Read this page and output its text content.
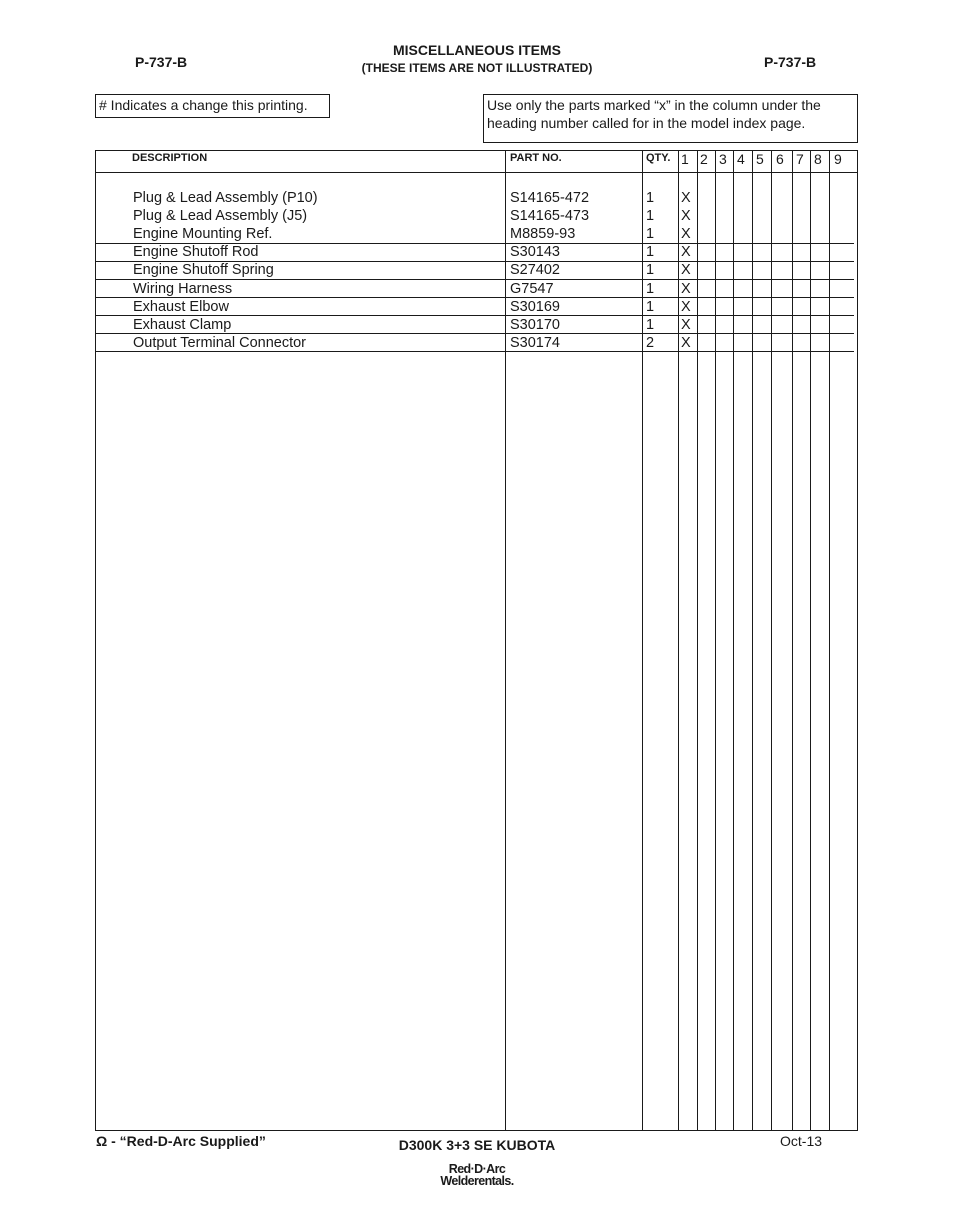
P-737-B
MISCELLANEOUS ITEMS
(THESE ITEMS ARE NOT ILLUSTRATED)	P-737-B
# Indicates a change this printing.	Use only the parts marked “x” in the column under the heading number called for in the model index page.
DESCRIPTION	PART NO.	QTY. 1 2 3 4 5 6 7 8 9
Plug & Lead Assembly (P10)	S14165-472	1 X
Plug & Lead Assembly (J5)	S14165-473	1 X
Engine Mounting Ref.	M8859-93	1 X
Engine Shutoff Rod	S30143	1 X
Engine Shutoff Spring	S27402	1 X
Wiring Harness	G7547	1 X
Exhaust Elbow	S30169	1 X
Exhaust Clamp	S30170	1 X
Output Terminal Connector	S30174	2 X
Ω - “Red-D-Arc Supplied”	D300K 3+3 SE KUBOTA	Oct-13
Red·D·Arc
Welderentals.
